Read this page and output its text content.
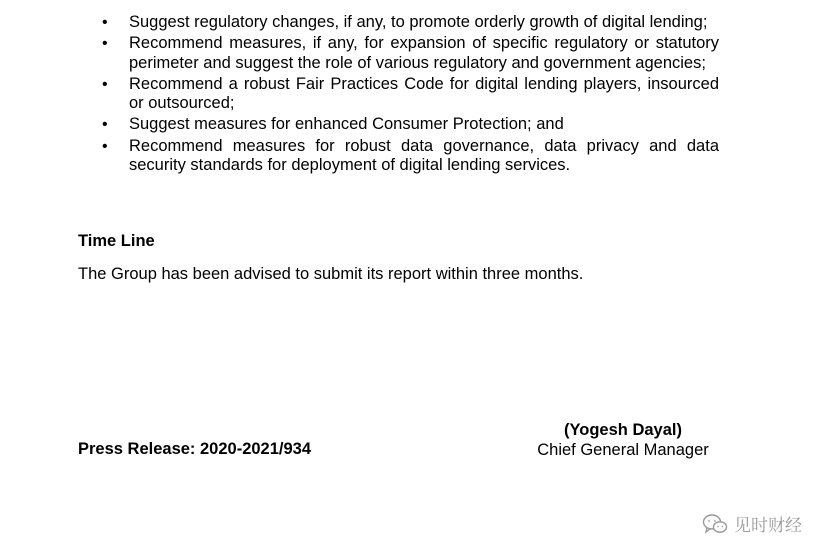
• Suggest regulatory changes, if any, to promote orderly growth of digital lending;
• Recommend measures, if any, for expansion of specific regulatory or statutory perimeter and suggest the role of various regulatory and government agencies;
• Recommend a robust Fair Practices Code for digital lending players, insourced or outsourced;
• Suggest measures for enhanced Consumer Protection; and
• Recommend measures for robust data governance, data privacy and data security standards for deployment of digital lending services.
Time Line

The Group has been advised to submit its report within three months.

Press Release: 2020-2021/934
(Yogesh Dayal)
Chief General Manager
见时财经
